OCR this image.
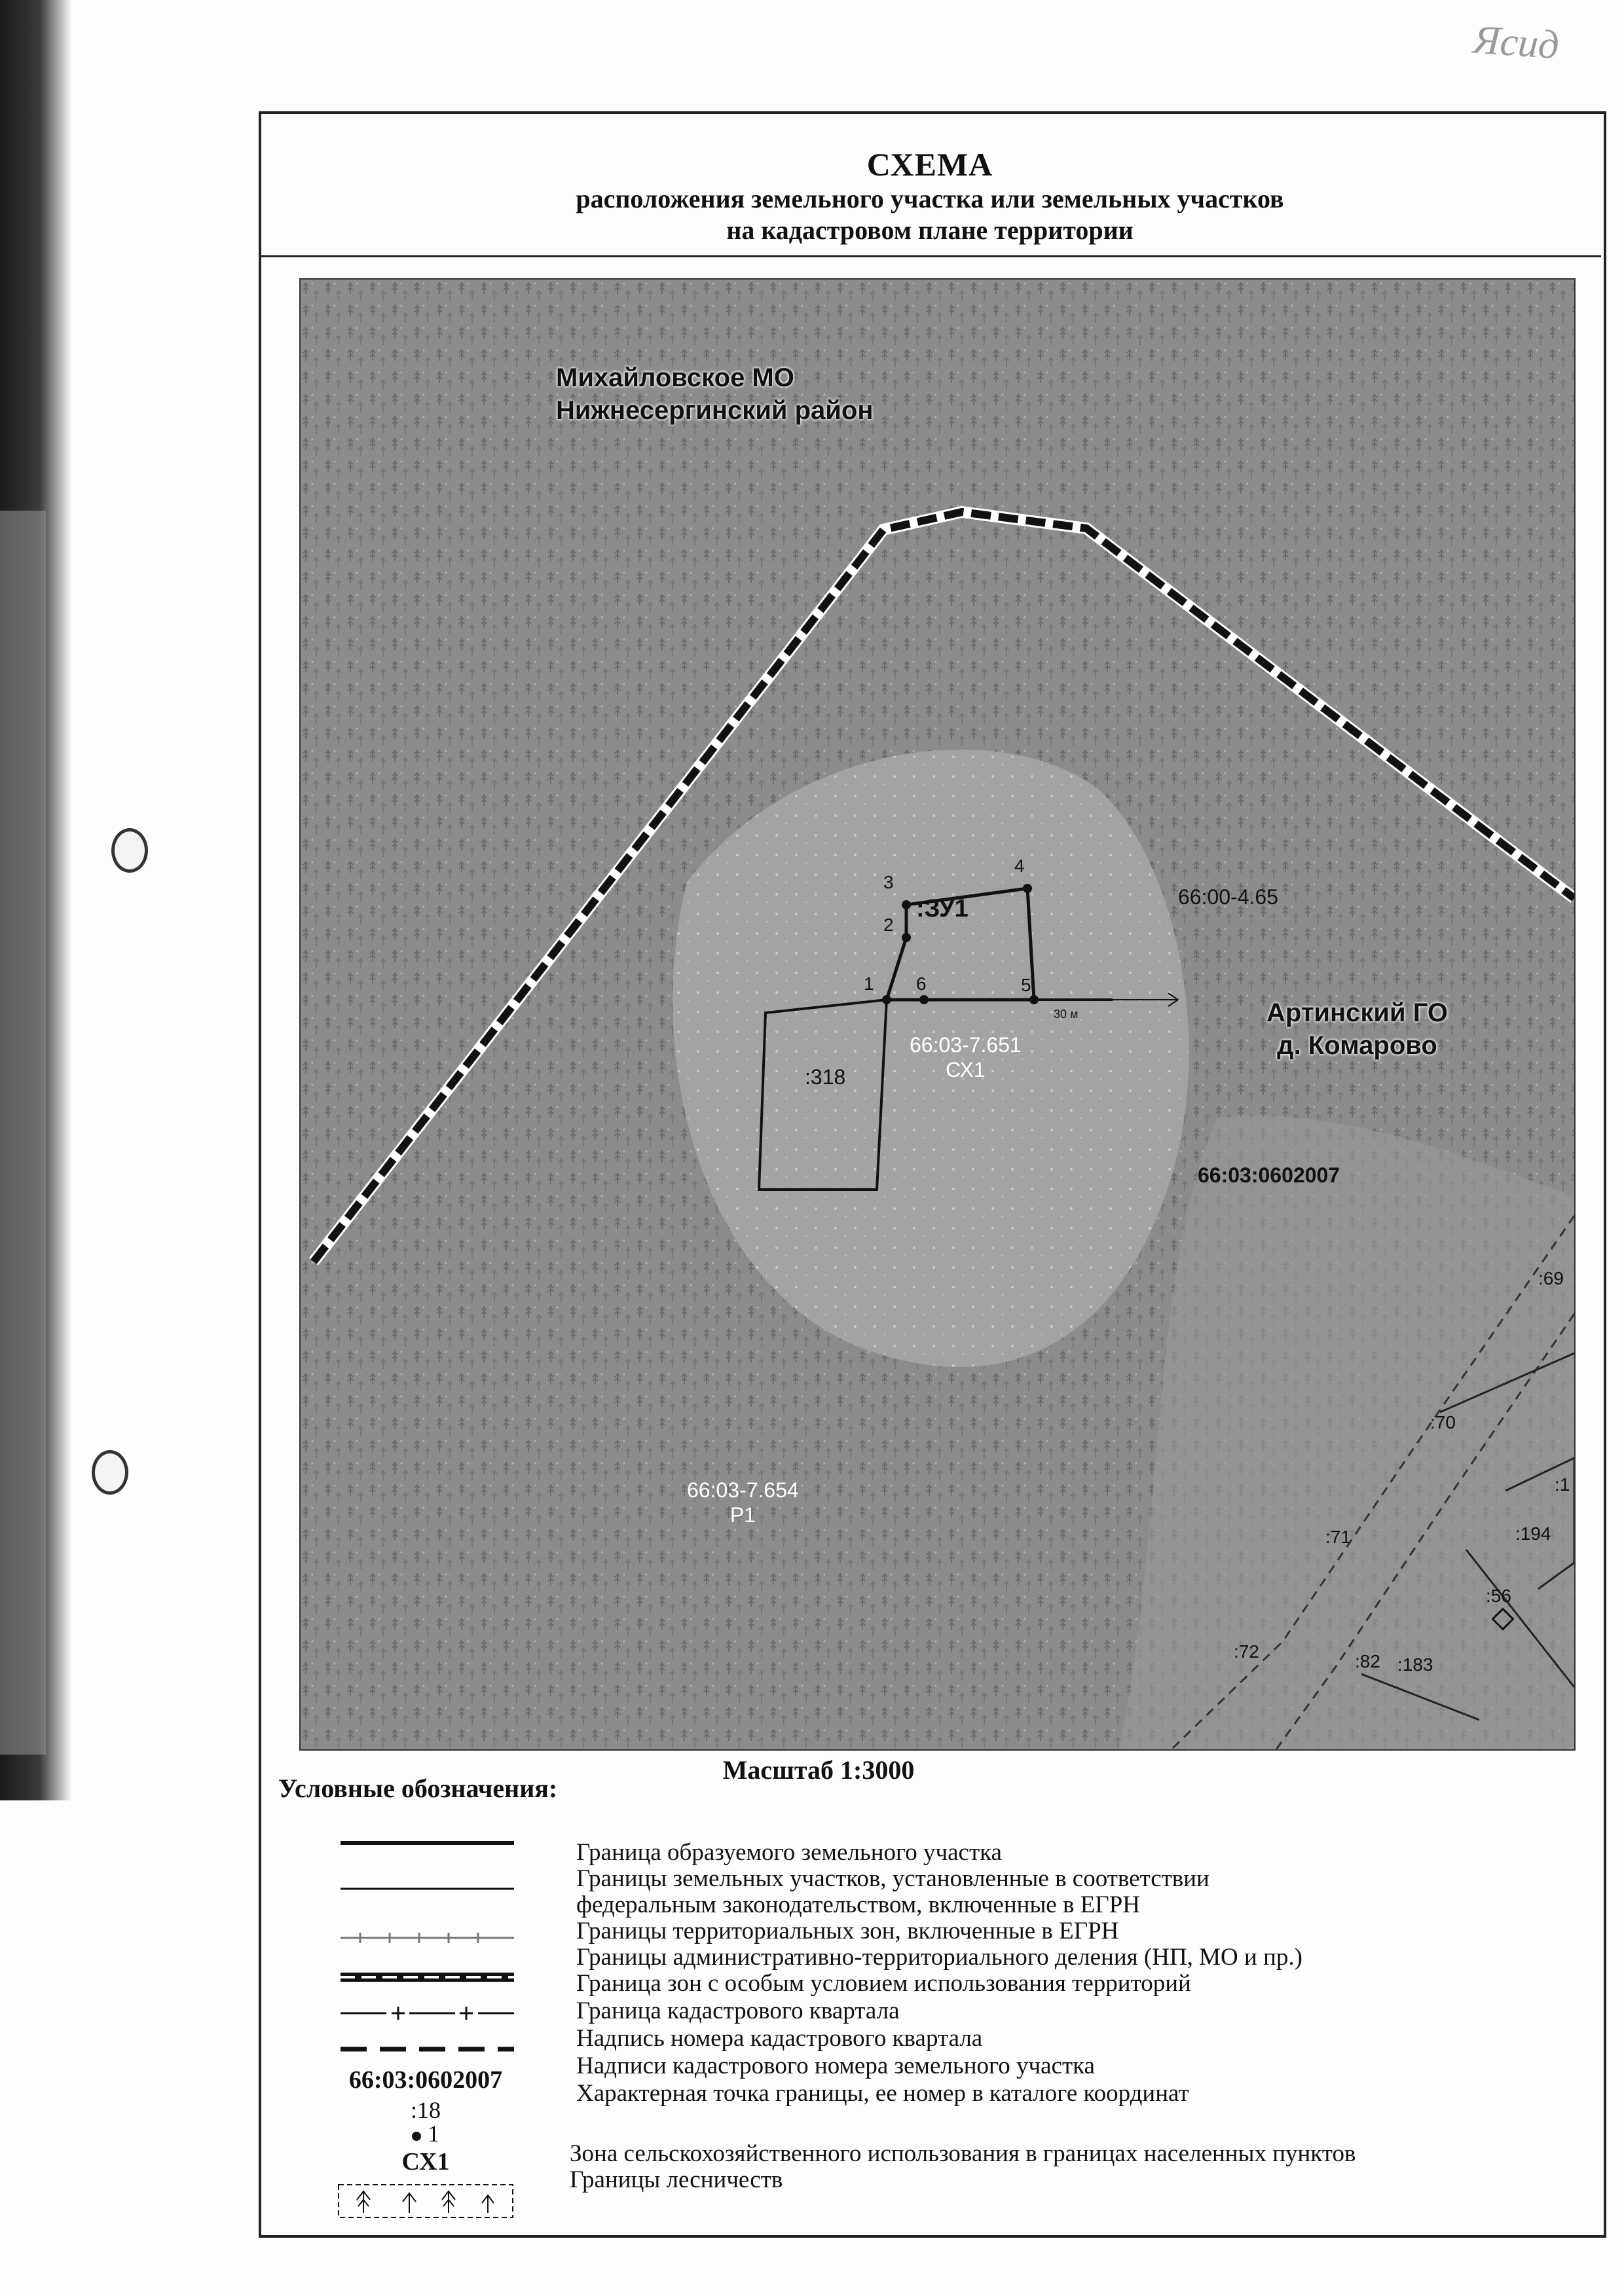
Ясид
СХЕМА
расположения земельного участка или земельных участков
на кадастровом плане территории
Михайловское МО
Нижнесергинский район
Артинский ГО
д. Комарово
:ЗУ1
:318
66:03-7.651
СХ1
66:03-7.654
Р1
66:00-4.65
66:03:0602007
30 м
1
2
3
4
5
6
:69
:70
:1
:194
:71
:56
:72	:82 :183
Масштаб 1:3000
Условные обозначения:
66:03:0602007
:18
1
СХ1
Граница образуемого земельного участка
Границы земельных участков, установленные в соответствии
федеральным законодательством, включенные в ЕГРН
Границы территориальных зон, включенные в ЕГРН
Границы административно-территориального деления (НП, МО и пр.)
Граница зон с особым условием использования территорий
Граница кадастрового квартала
Надпись номера кадастрового квартала
Надписи кадастрового номера земельного участка
Характерная точка границы, ее номер в каталоге координат
Зона сельскохозяйственного использования в границах населенных пунктов
Границы лесничеств
